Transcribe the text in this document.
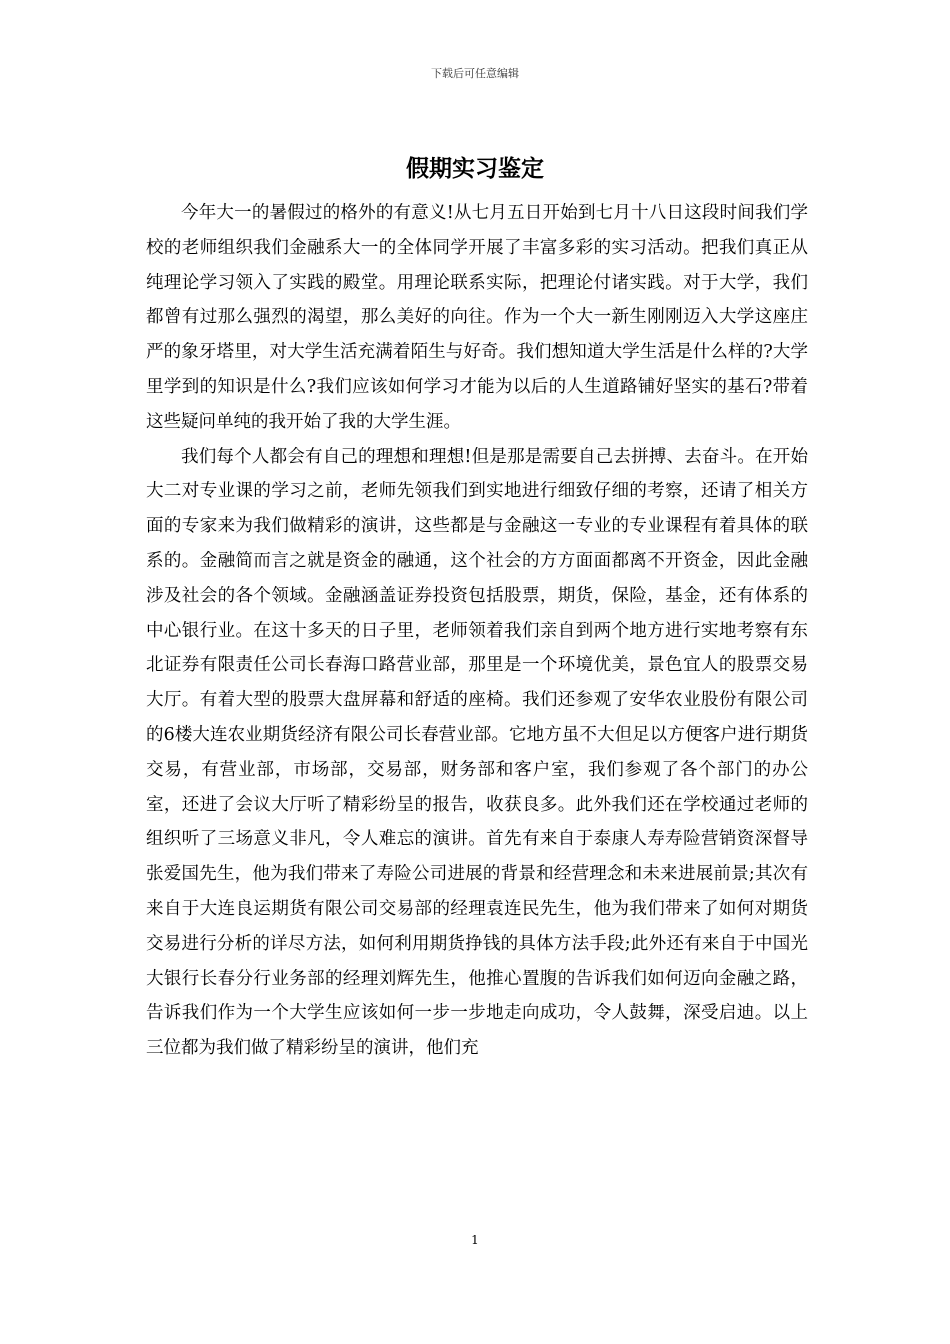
下载后可任意编辑
假期实习鉴定

今年大一的暑假过的格外的有意义!从七月五日开始到七月十八日这段时间我们学校的老师组织我们金融系大一的全体同学开展了丰富多彩的实习活动。把我们真正从纯理论学习领入了实践的殿堂。用理论联系实际，把理论付诸实践。对于大学，我们都曾有过那么强烈的渴望，那么美好的向往。作为一个大一新生刚刚迈入大学这座庄严的象牙塔里，对大学生活充满着陌生与好奇。我们想知道大学生活是什么样的?大学里学到的知识是什么?我们应该如何学习才能为以后的人生道路铺好坚实的基石?带着这些疑问单纯的我开始了我的大学生涯。

我们每个人都会有自己的理想和理想!但是那是需要自己去拼搏、去奋斗。在开始大二对专业课的学习之前，老师先领我们到实地进行细致仔细的考察，还请了相关方面的专家来为我们做精彩的演讲，这些都是与金融这一专业的专业课程有着具体的联系的。金融简而言之就是资金的融通，这个社会的方方面面都离不开资金，因此金融涉及社会的各个领域。金融涵盖证券投资包括股票，期货，保险，基金，还有体系的中心银行业。在这十多天的日子里，老师领着我们亲自到两个地方进行实地考察有东北证券有限责任公司长春海口路营业部，那里是一个环境优美，景色宜人的股票交易大厅。有着大型的股票大盘屏幕和舒适的座椅。我们还参观了安华农业股份有限公司的6楼大连农业期货经济有限公司长春营业部。它地方虽不大但足以方便客户进行期货交易，有营业部，市场部，交易部，财务部和客户室，我们参观了各个部门的办公室，还进了会议大厅听了精彩纷呈的报告，收获良多。此外我们还在学校通过老师的组织听了三场意义非凡，令人难忘的演讲。首先有来自于泰康人寿寿险营销资深督导张爱国先生，他为我们带来了寿险公司进展的背景和经营理念和未来进展前景;其次有来自于大连良运期货有限公司交易部的经理袁连民先生，他为我们带来了如何对期货交易进行分析的详尽方法，如何利用期货挣钱的具体方法手段;此外还有来自于中国光大银行长春分行业务部的经理刘辉先生，他推心置腹的告诉我们如何迈向金融之路，告诉我们作为一个大学生应该如何一步一步地走向成功，令人鼓舞，深受启迪。以上三位都为我们做了精彩纷呈的演讲，他们充

1
